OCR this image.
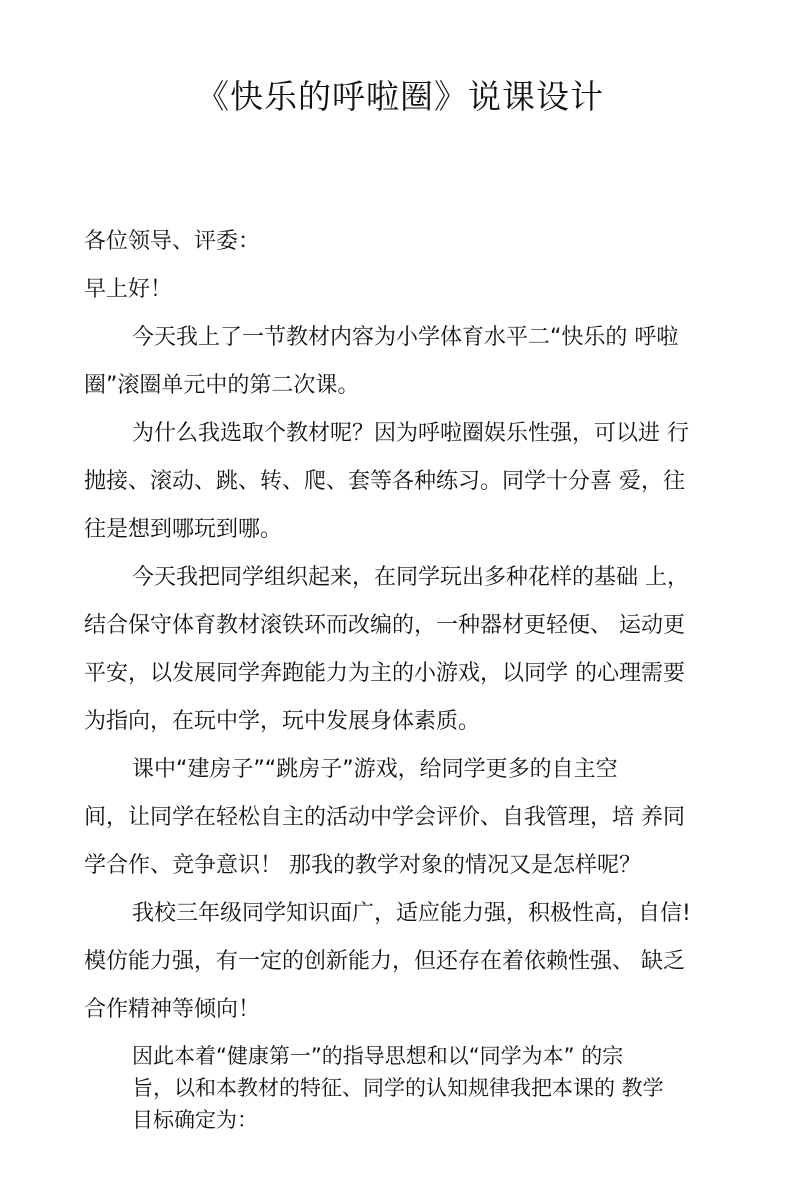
《快乐的呼啦圈》说课设计
各位领导、评委：
早上好！
今天我上了一节教材内容为小学体育水平二“快乐的 呼啦
圈”滚圈单元中的第二次课。
为什么我选取个教材呢？因为呼啦圈娱乐性强，可以进 行
抛接、滚动、跳、转、爬、套等各种练习。同学十分喜 爱，往
往是想到哪玩到哪。
今天我把同学组织起来，在同学玩出多种花样的基础 上，
结合保守体育教材滚铁环而改编的，一种器材更轻便、 运动更
平安，以发展同学奔跑能力为主的小游戏，以同学 的心理需要
为指向，在玩中学，玩中发展身体素质。
课中“建房子”“跳房子”游戏，给同学更多的自主空
间，让同学在轻松自主的活动中学会评价、自我管理，培 养同
学合作、竞争意识！ 那我的教学对象的情况又是怎样呢？
我校三年级同学知识面广，适应能力强，积极性高，自信!
模仿能力强，有一定的创新能力，但还存在着依赖性强、 缺乏
合作精神等倾向！
因此本着“健康第一”的指导思想和以“同学为本” 的宗
旨，以和本教材的特征、同学的认知规律我把本课的 教学
目标确定为：
